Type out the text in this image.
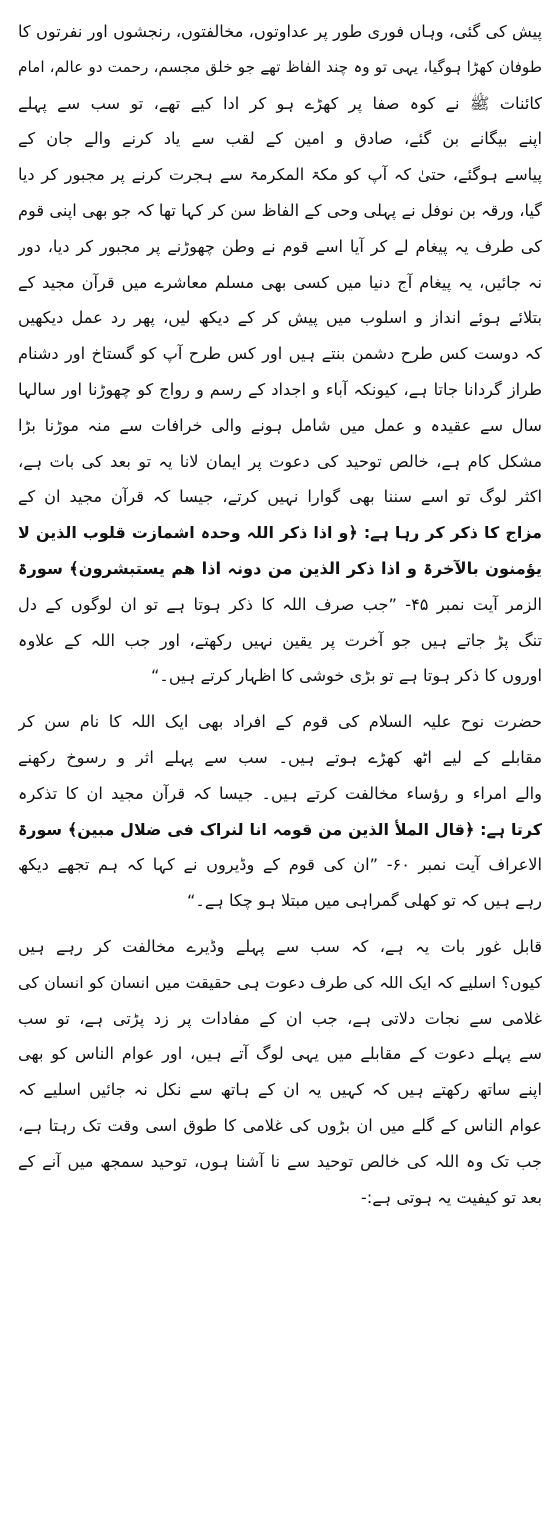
پیش کی گئی، وہاں فوری طور پر عداوتوں، مخالفتوں، رنجشوں اور نفرتوں کا
طوفان کھڑا ہوگیا، یہی تو وہ چند الفاظ تھے جو خلق مجسم، رحمت دو عالم، امام
کائنات ﷺ نے کوہ صفا پر کھڑے ہو کر ادا کیے تھے، تو سب سے پہلے
اپنے بیگانے بن گئے، صادق و امین کے لقب سے یاد کرنے والے جان کے
پیاسے ہوگئے، حتیٰ کہ آپ کو مکۃ المکرمۃ سے ہجرت کرنے پر مجبور کر دیا
گیا، ورقہ بن نوفل نے پہلی وحی کے الفاظ سن کر کہا تھا کہ جو بھی اپنی قوم
کی طرف یہ پیغام لے کر آیا اسے قوم نے وطن چھوڑنے پر مجبور کر دیا، دور
نہ جائیں، یہ پیغام آج دنیا میں کسی بھی مسلم معاشرے میں قرآن مجید کے
بتلائے ہوئے انداز و اسلوب میں پیش کر کے دیکھ لیں، پھر رد عمل دیکھیں
کہ دوست کس طرح دشمن بنتے ہیں اور کس طرح آپ کو گستاخ اور دشنام
طراز گردانا جاتا ہے، کیونکہ آباء و اجداد کے رسم و رواج کو چھوڑنا اور سالہا
سال سے عقیدہ و عمل میں شامل ہونے والی خرافات سے منہ موڑنا بڑا
مشکل کام ہے، خالص توحید کی دعوت پر ایمان لانا یہ تو بعد کی بات ہے،
اکثر لوگ تو اسے سننا بھی گوارا نہیں کرتے، جیسا کہ قرآن مجید ان کے
مزاج کا ذکر کر رہا ہے: ﴿و اذا ذکر اللہ وحدہ اشمازت قلوب الذین لا
یؤمنون بالآخرۃ و اذا ذکر الذین من دونہ اذا ھم یستبشرون﴾ سورۃ
الزمر آیت نمبر ۴۵- ”جب صرف اللہ کا ذکر ہوتا ہے تو ان لوگوں کے دل
تنگ پڑ جاتے ہیں جو آخرت پر یقین نہیں رکھتے، اور جب اللہ کے علاوہ
اوروں کا ذکر ہوتا ہے تو بڑی خوشی کا اظہار کرتے ہیں۔“
حضرت نوح علیہ السلام کی قوم کے افراد بھی ایک اللہ کا نام سن کر
مقابلے کے لیے اٹھ کھڑے ہوتے ہیں۔ سب سے پہلے اثر و رسوخ رکھنے
والے امراء و رؤساء مخالفت کرتے ہیں۔ جیسا کہ قرآن مجید ان کا تذکرہ
کرتا ہے: ﴿قال الملأ الذین من قومہ انا لنراک فی ضلال مبین﴾ سورۃ
الاعراف آیت نمبر ۶۰- ”ان کی قوم کے وڈیروں نے کہا کہ ہم تجھے دیکھ
رہے ہیں کہ تو کھلی گمراہی میں مبتلا ہو چکا ہے۔“
قابل غور بات یہ ہے، کہ سب سے پہلے وڈیرے مخالفت کر رہے ہیں
کیوں؟ اسلیے کہ ایک اللہ کی طرف دعوت ہی حقیقت میں انسان کو انسان کی
غلامی سے نجات دلاتی ہے، جب ان کے مفادات پر زد پڑتی ہے، تو سب
سے پہلے دعوت کے مقابلے میں یہی لوگ آتے ہیں، اور عوام الناس کو بھی
اپنے ساتھ رکھتے ہیں کہ کہیں یہ ان کے ہاتھ سے نکل نہ جائیں اسلیے کہ
عوام الناس کے گلے میں ان بڑوں کی غلامی کا طوق اسی وقت تک رہتا ہے،
جب تک وہ اللہ کی خالص توحید سے نا آشنا ہوں، توحید سمجھ میں آنے کے
بعد تو کیفیت یہ ہوتی ہے:-
